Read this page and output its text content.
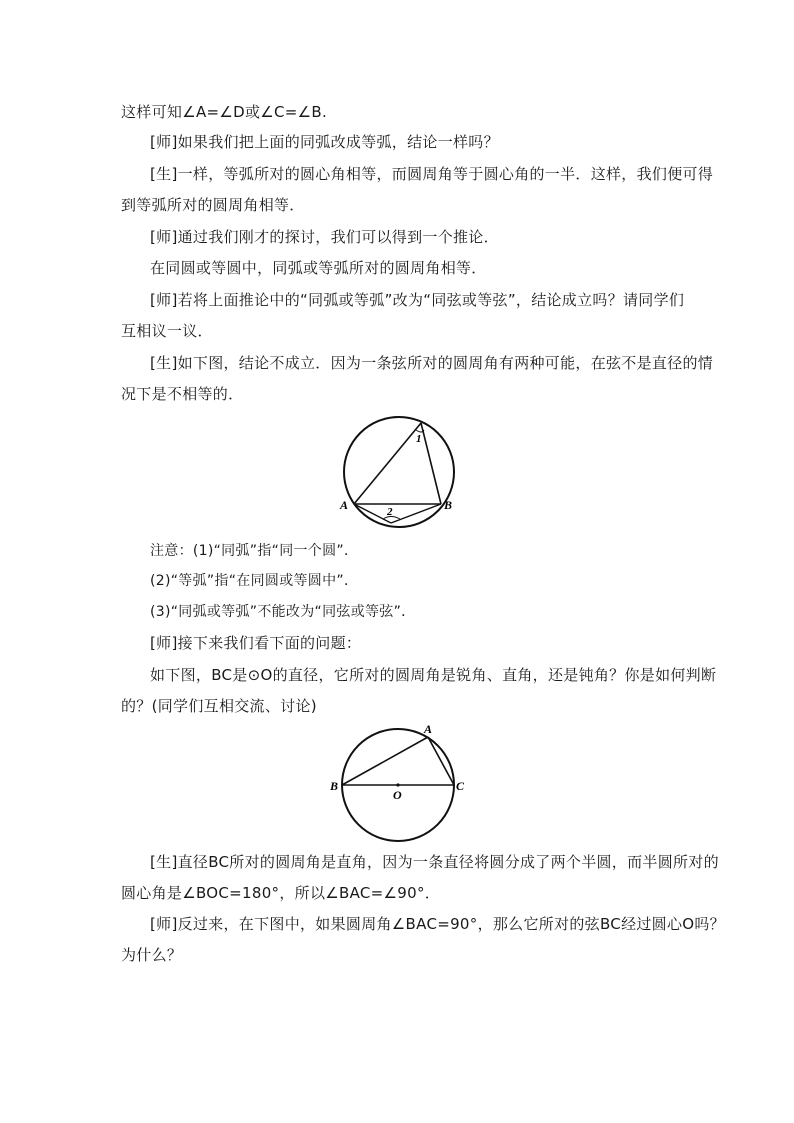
这样可知∠A=∠D或∠C=∠B.
[师]如果我们把上面的同弧改成等弧，结论一样吗？
[生]一样，等弧所对的圆心角相等，而圆周角等于圆心角的一半．这样，我们便可得
到等弧所对的圆周角相等．
[师]通过我们刚才的探讨，我们可以得到一个推论．
在同圆或等圆中，同弧或等弧所对的圆周角相等．
[师]若将上面推论中的“同弧或等弧”改为“同弦或等弦”，结论成立吗？请同学们
互相议一议．
[生]如下图，结论不成立．因为一条弦所对的圆周角有两种可能，在弦不是直径的情
况下是不相等的．
1
2
A	B
注意：(1)“同弧”指“同一个圆”．
(2)“等弧”指“在同圆或等圆中”．
(3)“同弧或等弧”不能改为“同弦或等弦”．
[师]接下来我们看下面的问题：
如下图，BC是⊙O的直径，它所对的圆周角是锐角、直角，还是钝角？你是如何判断
的？(同学们互相交流、讨论)
A
B	C
O
[生]直径BC所对的圆周角是直角，因为一条直径将圆分成了两个半圆，而半圆所对的
圆心角是∠BOC=180°，所以∠BAC=∠90°．
[师]反过来，在下图中，如果圆周角∠BAC=90°，那么它所对的弦BC经过圆心O吗？
为什么？
